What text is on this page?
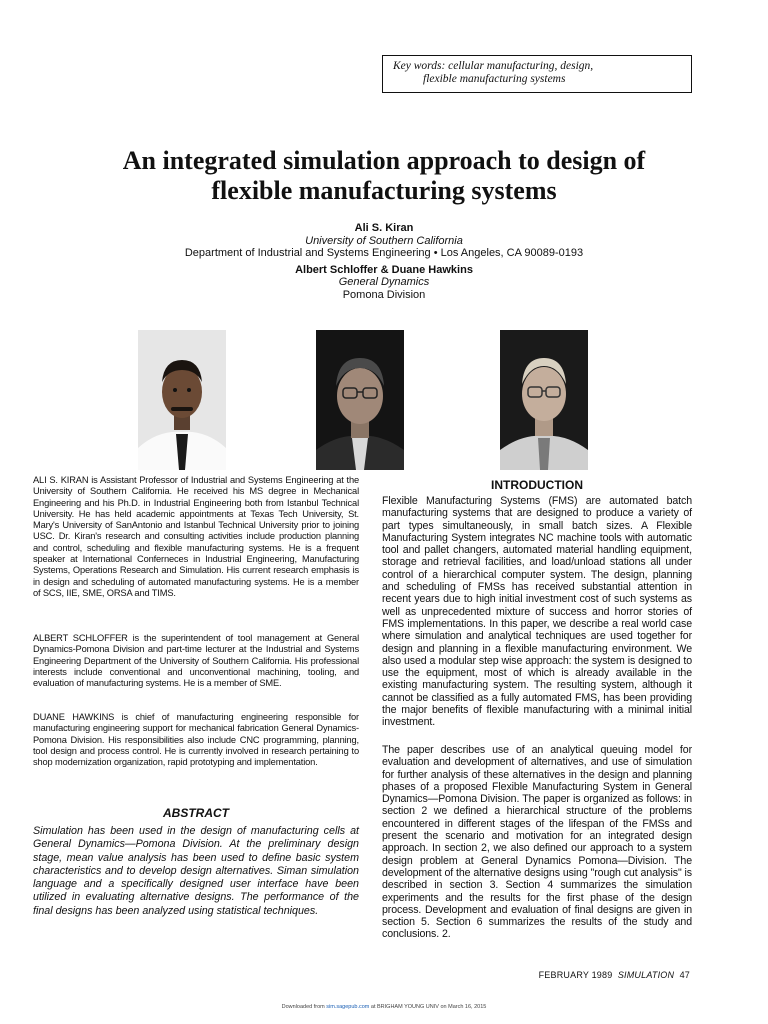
Key words: cellular manufacturing, design,
flexible manufacturing systems
An integrated simulation approach to design of
flexible manufacturing systems
Ali S. Kiran
University of Southern California
Department of Industrial and Systems Engineering • Los Angeles, CA 90089-0193
Albert Schloffer & Duane Hawkins
General Dynamics
Pomona Division

ALI S. KIRAN is Assistant Professor of Industrial and Systems Engineering at the University of Southern California. He received his MS degree in Mechanical Engineering and his Ph.D. in Industrial Engineering both from Istanbul Technical University. He has held academic appointments at Texas Tech University, St. Mary's University of SanAntonio and Istanbul Technical University prior to joining USC. Dr. Kiran's research and consulting activities include production planning and control, scheduling and flexible manufacturing systems. He is a frequent speaker at International Conferneces in Industrial Engineering, Manufacturing Systems, Operations Research and Simulation. His current research emphasis is in design and scheduling of automated manufacturing systems. He is a member of SCS, IIE, SME, ORSA and TIMS.

ALBERT SCHLOFFER is the superintendent of tool management at General Dynamics-Pomona Division and part-time lecturer at the Industrial and Systems Engineering Department of the University of Southern California. His professional interests include conventional and unconventional machining, tooling, and evaluation of manufacturing systems. He is a member of SME.

DUANE HAWKINS is chief of manufacturing engineering responsible for manufacturing engineering support for mechanical fabrication General Dynamics-Pomona Division. His responsibilities also include CNC programming, planning, tool design and process control. He is currently involved in research pertaining to shop modernization organization, rapid prototyping and implementation.

ABSTRACT

Simulation has been used in the design of manufacturing cells at General Dynamics—Pomona Division. At the preliminary design stage, mean value analysis has been used to define basic system characteristics and to develop design alternatives. Siman simulation language and a specifically designed user interface have been utilized in evaluating alternative designs. The performance of the final designs has been analyzed using statistical techniques.

INTRODUCTION

Flexible Manufacturing Systems (FMS) are automated batch manufacturing systems that are designed to produce a variety of part types simultaneously, in small batch sizes. A Flexible Manufacturing System integrates NC machine tools with automatic tool and pallet changers, automated material handling equipment, storage and retrieval facilities, and load/unload stations all under control of a hierarchical computer system. The design, planning and scheduling of FMSs has received substantial attention in recent years due to high initial investment cost of such systems as well as unprecedented mixture of success and horror stories of FMS implementations. In this paper, we describe a real world case where simulation and analytical techniques are used together for design and planning in a flexible manufacturing environment. We also used a modular step wise approach: the system is designed to use the equipment, most of which is already available in the existing manufacturing system. The resulting system, although it cannot be classified as a fully automated FMS, has been providing the major benefits of flexible manufacturing with a minimal initial investment.

The paper describes use of an analytical queuing model for evaluation and development of alternatives, and use of simulation for further analysis of these alternatives in the design and planning phases of a proposed Flexible Manufacturing System in General Dynamics—Pomona Division. The paper is organized as follows: in section 2 we defined a hierarchical structure of the problems encountered in different stages of the lifespan of the FMSs and present the scenario and motivation for an integrated design approach. In section 2, we also defined our approach to a system design problem at General Dynamics Pomona—Division. The development of the alternative designs using "rough cut analysis" is described in section 3. Section 4 summarizes the simulation experiments and the results for the first phase of the design process. Development and evaluation of final designs are given in section 5. Section 6 summarizes the results of the study and conclusions. 2.

FEBRUARY 1989 SIMULATION 47
Downloaded from sim.sagepub.com at BRIGHAM YOUNG UNIV on March 16, 2015
